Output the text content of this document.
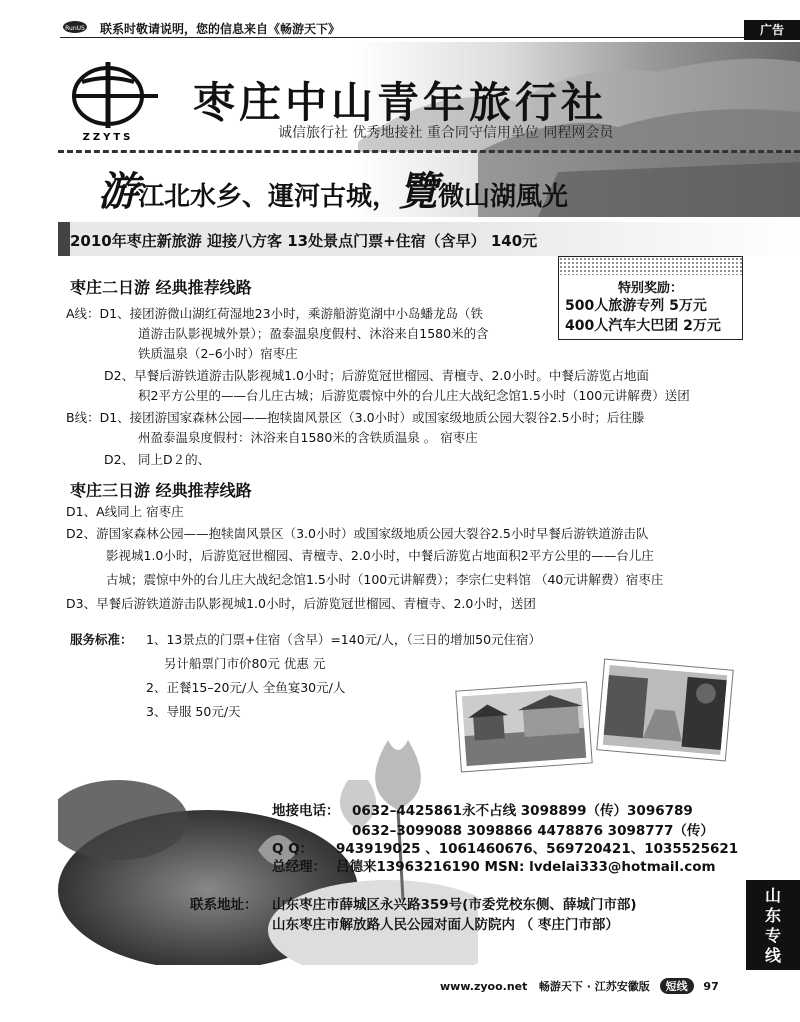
RunUS 联系时敬请说明，您的信息来自《畅游天下》	广告
ZZYTS
枣庄中山青年旅行社
诚信旅行社 优秀地接社 重合同守信用单位 同程网会员
游江北水乡、運河古城，覽微山湖風光
2010年枣庄新旅游 迎接八方客 13处景点门票+住宿（含早） 140元
特别奖励：
500人旅游专列 5万元
400人汽车大巴团 2万元
枣庄二日游 经典推荐线路
A线：D1、接团游微山湖红荷湿地23小时，乘游船游览湖中小岛蟠龙岛（铁
道游击队影视城外景）；盈泰温泉度假村、沐浴来自1580米的含
铁质温泉（2–6小时）宿枣庄
D2、早餐后游铁道游击队影视城1.0小时；后游览冠世榴园、青檀寺、2.0小时。中餐后游览占地面
积2平方公里的——台儿庄古城；后游览震惊中外的台儿庄大战纪念馆1.5小时（100元讲解费）送团
B线：D1、接团游国家森林公园——抱犊崮风景区（3.0小时）或国家级地质公园大裂谷2.5小时；后往滕
州盈泰温泉度假村：沐浴来自1580米的含铁质温泉 。 宿枣庄
D2、 同上D２的、
枣庄三日游 经典推荐线路
D1、A线同上 宿枣庄
D2、游国家森林公园——抱犊崮风景区（3.0小时）或国家级地质公园大裂谷2.5小时早餐后游铁道游击队
影视城1.0小时，后游览冠世榴园、青檀寺、2.0小时，中餐后游览占地面积2平方公里的——台儿庄
古城；震惊中外的台儿庄大战纪念馆1.5小时（100元讲解费）；李宗仁史料馆 （40元讲解费）宿枣庄
D3、早餐后游铁道游击队影视城1.0小时，后游览冠世榴园、青檀寺、2.0小时，送团
服务标准： 1、13景点的门票+住宿（含早）=140元/人，（三日的增加50元住宿）
另计船票门市价80元 优惠 元
2、正餐15–20元/人 全鱼宴30元/人
3、导服 50元/天
地接电话： 0632–4425861永不占线 3098899（传）3096789
0632–3099088 3098866 4478876 3098777（传）
Q Q： 943919025 、1061460676、569720421、1035525621
总经理： 吕德来13963216190 MSN: lvdelai333@hotmail.com
联系地址： 山东枣庄市薛城区永兴路359号(市委党校东侧、薛城门市部)
山东枣庄市解放路人民公园对面人防院内 （ 枣庄门市部）
山东专线
www.zyoo.net 畅游天下 · 江苏安徽版 短线 97
